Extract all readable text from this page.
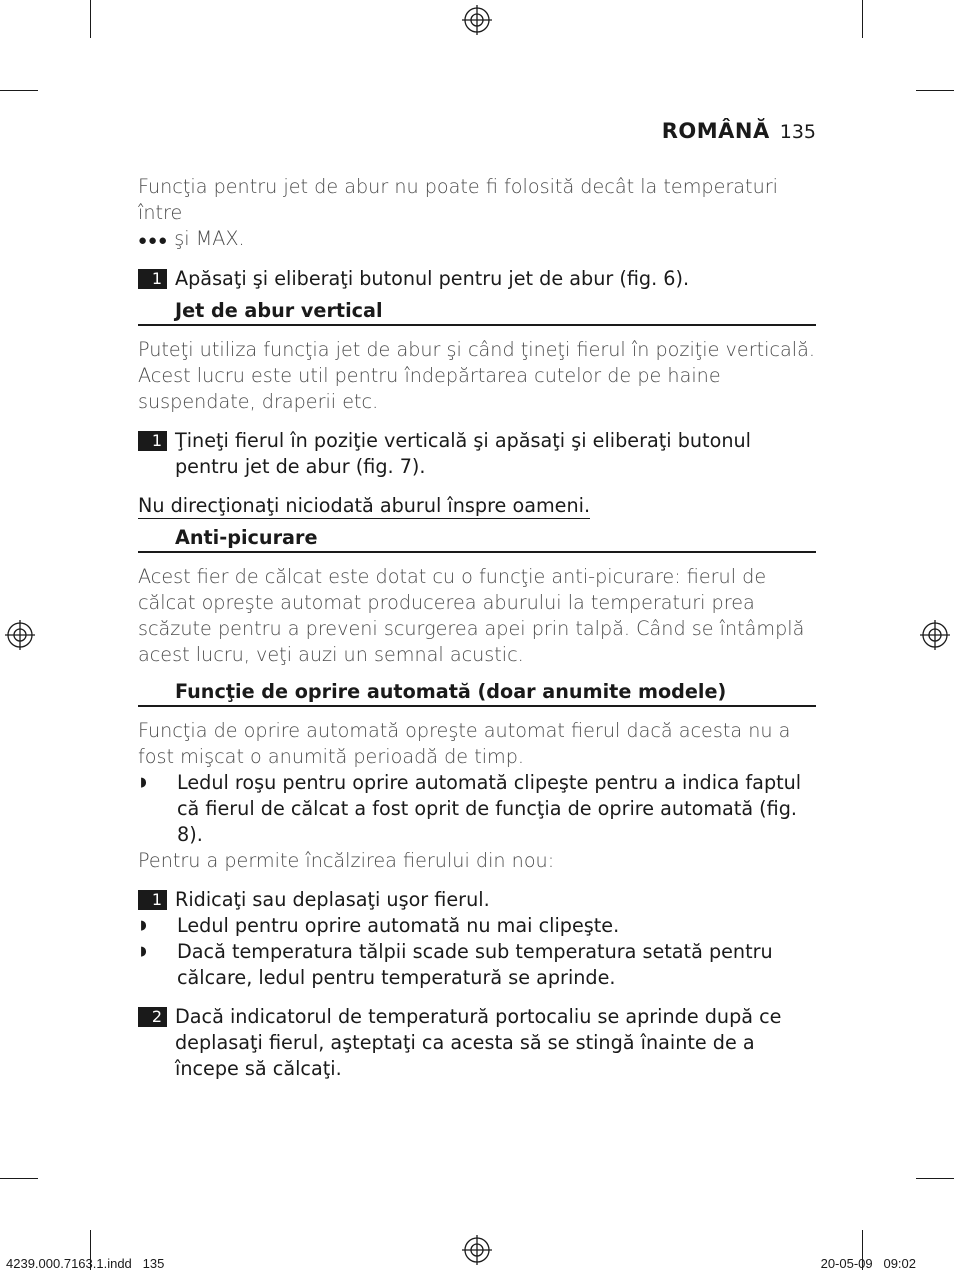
ROMÂNĂ 135

Funcţia pentru jet de abur nu poate fi folosită decât la temperaturi între
●●● şi MAX.

1 Apăsaţi şi eliberaţi butonul pentru jet de abur (fig. 6).
Jet de abur vertical

Puteţi utiliza funcţia jet de abur şi când ţineţi fierul în poziţie verticală. Acest lucru este util pentru îndepărtarea cutelor de pe haine suspendate, draperii etc.

1 Ţineţi fierul în poziţie verticală şi apăsaţi şi eliberaţi butonul pentru jet de abur (fig. 7).
Nu direcţionaţi niciodată aburul înspre oameni.
Anti-picurare

Acest fier de călcat este dotat cu o funcţie anti-picurare: fierul de călcat opreşte automat producerea aburului la temperaturi prea scăzute pentru a preveni scurgerea apei prin talpă. Când se întâmplă acest lucru, veţi auzi un semnal acustic.

Funcţie de oprire automată (doar anumite modele)

Funcţia de oprire automată opreşte automat fierul dacă acesta nu a fost mişcat o anumită perioadă de timp.

◗	Ledul roşu pentru oprire automată clipeşte pentru a indica faptul că fierul de călcat a fost oprit de funcţia de oprire automată (fig. 8).

Pentru a permite încălzirea fierului din nou:

1 Ridicaţi sau deplasaţi uşor fierul.
◗	Ledul pentru oprire automată nu mai clipeşte.
◗	Dacă temperatura tălpii scade sub temperatura setată pentru călcare, ledul pentru temperatură se aprinde.
2 Dacă indicatorul de temperatură portocaliu se aprinde după ce deplasaţi fierul, aşteptaţi ca acesta să se stingă înainte de a începe să călcaţi.
4239.000.7163.1.indd   135	20-05-09   09:02
